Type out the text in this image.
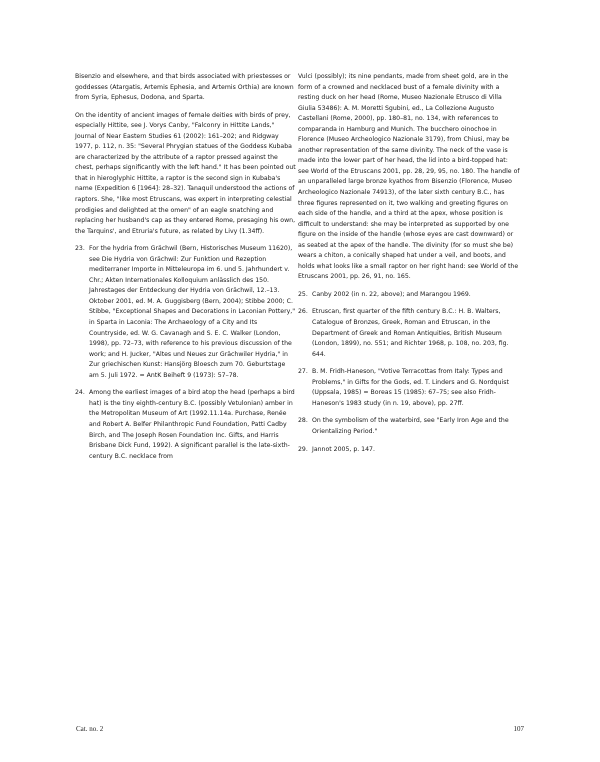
Bisenzio and elsewhere, and that birds associated with priestesses or goddesses (Atargatis, Artemis Ephesia, and Artemis Orthia) are known from Syria, Ephesus, Dodona, and Sparta.

On the identity of ancient images of female deities with birds of prey, especially Hittite, see J. Vorys Canby, "Falconry in Hittite Lands," Journal of Near Eastern Studies 61 (2002): 161–202; and Ridgway 1977, p. 112, n. 35: "Several Phrygian statues of the Goddess Kubaba are characterized by the attribute of a raptor pressed against the chest, perhaps significantly with the left hand." It has been pointed out that in hieroglyphic Hittite, a raptor is the second sign in Kubaba's name (Expedition 6 [1964]: 28–32). Tanaquil understood the actions of raptors. She, "like most Etruscans, was expert in interpreting celestial prodigies and delighted at the omen" of an eagle snatching and replacing her husband's cap as they entered Rome, presaging his own, the Tarquins', and Etruria's future, as related by Livy (1.34ff).

23. For the hydria from Grächwil (Bern, Historisches Museum 11620), see Die Hydria von Grächwil: Zur Funktion und Rezeption mediterraner Importe in Mitteleuropa im 6. und 5. Jahrhundert v. Chr.; Akten Internationales Kolloquium anlässlich des 150. Jahrestages der Entdeckung der Hydria von Grächwil, 12.–13. Oktober 2001, ed. M. A. Guggisberg (Bern, 2004); Stibbe 2000; C. Stibbe, "Exceptional Shapes and Decorations in Laconian Pottery," in Sparta in Laconia: The Archaeology of a City and Its Countryside, ed. W. G. Cavanagh and S. E. C. Walker (London, 1998), pp. 72–73, with reference to his previous discussion of the work; and H. Jucker, "Altes und Neues zur Grächwiler Hydria," in Zur griechischen Kunst: Hansjörg Bloesch zum 70. Geburtstage am 5. Juli 1972. = AntK Beiheft 9 (1973): 57–78.
24. Among the earliest images of a bird atop the head (perhaps a bird hat) is the tiny eighth-century B.C. (possibly Vetulonian) amber in the Metropolitan Museum of Art (1992.11.14a. Purchase, Renée and Robert A. Belfer Philanthropic Fund Foundation, Patti Cadby Birch, and The Joseph Rosen Foundation Inc. Gifts, and Harris Brisbane Dick Fund, 1992). A significant parallel is the late-sixth-century B.C. necklace from

Vulci (possibly); its nine pendants, made from sheet gold, are in the form of a crowned and necklaced bust of a female divinity with a resting duck on her head (Rome, Museo Nazionale Etrusco di Villa Giulia 53486): A. M. Moretti Sgubini, ed., La Collezione Augusto Castellani (Rome, 2000), pp. 180–81, no. 134, with references to comparanda in Hamburg and Munich. The bucchero oinochoe in Florence (Museo Archeologico Nazionale 3179), from Chiusi, may be another representation of the same divinity. The neck of the vase is made into the lower part of her head, the lid into a bird-topped hat: see World of the Etruscans 2001, pp. 28, 29, 95, no. 180. The handle of an unparalleled large bronze kyathos from Bisenzio (Florence, Museo Archeologico Nazionale 74913), of the later sixth century B.C., has three figures represented on it, two walking and greeting figures on each side of the handle, and a third at the apex, whose position is difficult to understand: she may be interpreted as supported by one figure on the inside of the handle (whose eyes are cast downward) or as seated at the apex of the handle. The divinity (for so must she be) wears a chiton, a conically shaped hat under a veil, and boots, and holds what looks like a small raptor on her right hand: see World of the Etruscans 2001, pp. 26, 91, no. 165.

25. Canby 2002 (in n. 22, above); and Marangou 1969.
26. Etruscan, first quarter of the fifth century B.C.: H. B. Walters, Catalogue of Bronzes, Greek, Roman and Etruscan, in the Department of Greek and Roman Antiquities, British Museum (London, 1899), no. 551; and Richter 1968, p. 108, no. 203, fig. 644.
27. B. M. Fridh-Haneson, "Votive Terracottas from Italy: Types and Problems," in Gifts for the Gods, ed. T. Linders and G. Nordquist (Uppsala, 1985) = Boreas 15 (1985): 67–75; see also Fridh-Haneson's 1983 study (in n. 19, above), pp. 27ff.
28. On the symbolism of the waterbird, see "Early Iron Age and the Orientalizing Period."
29. Jannot 2005, p. 147.
Cat. no. 2	107
